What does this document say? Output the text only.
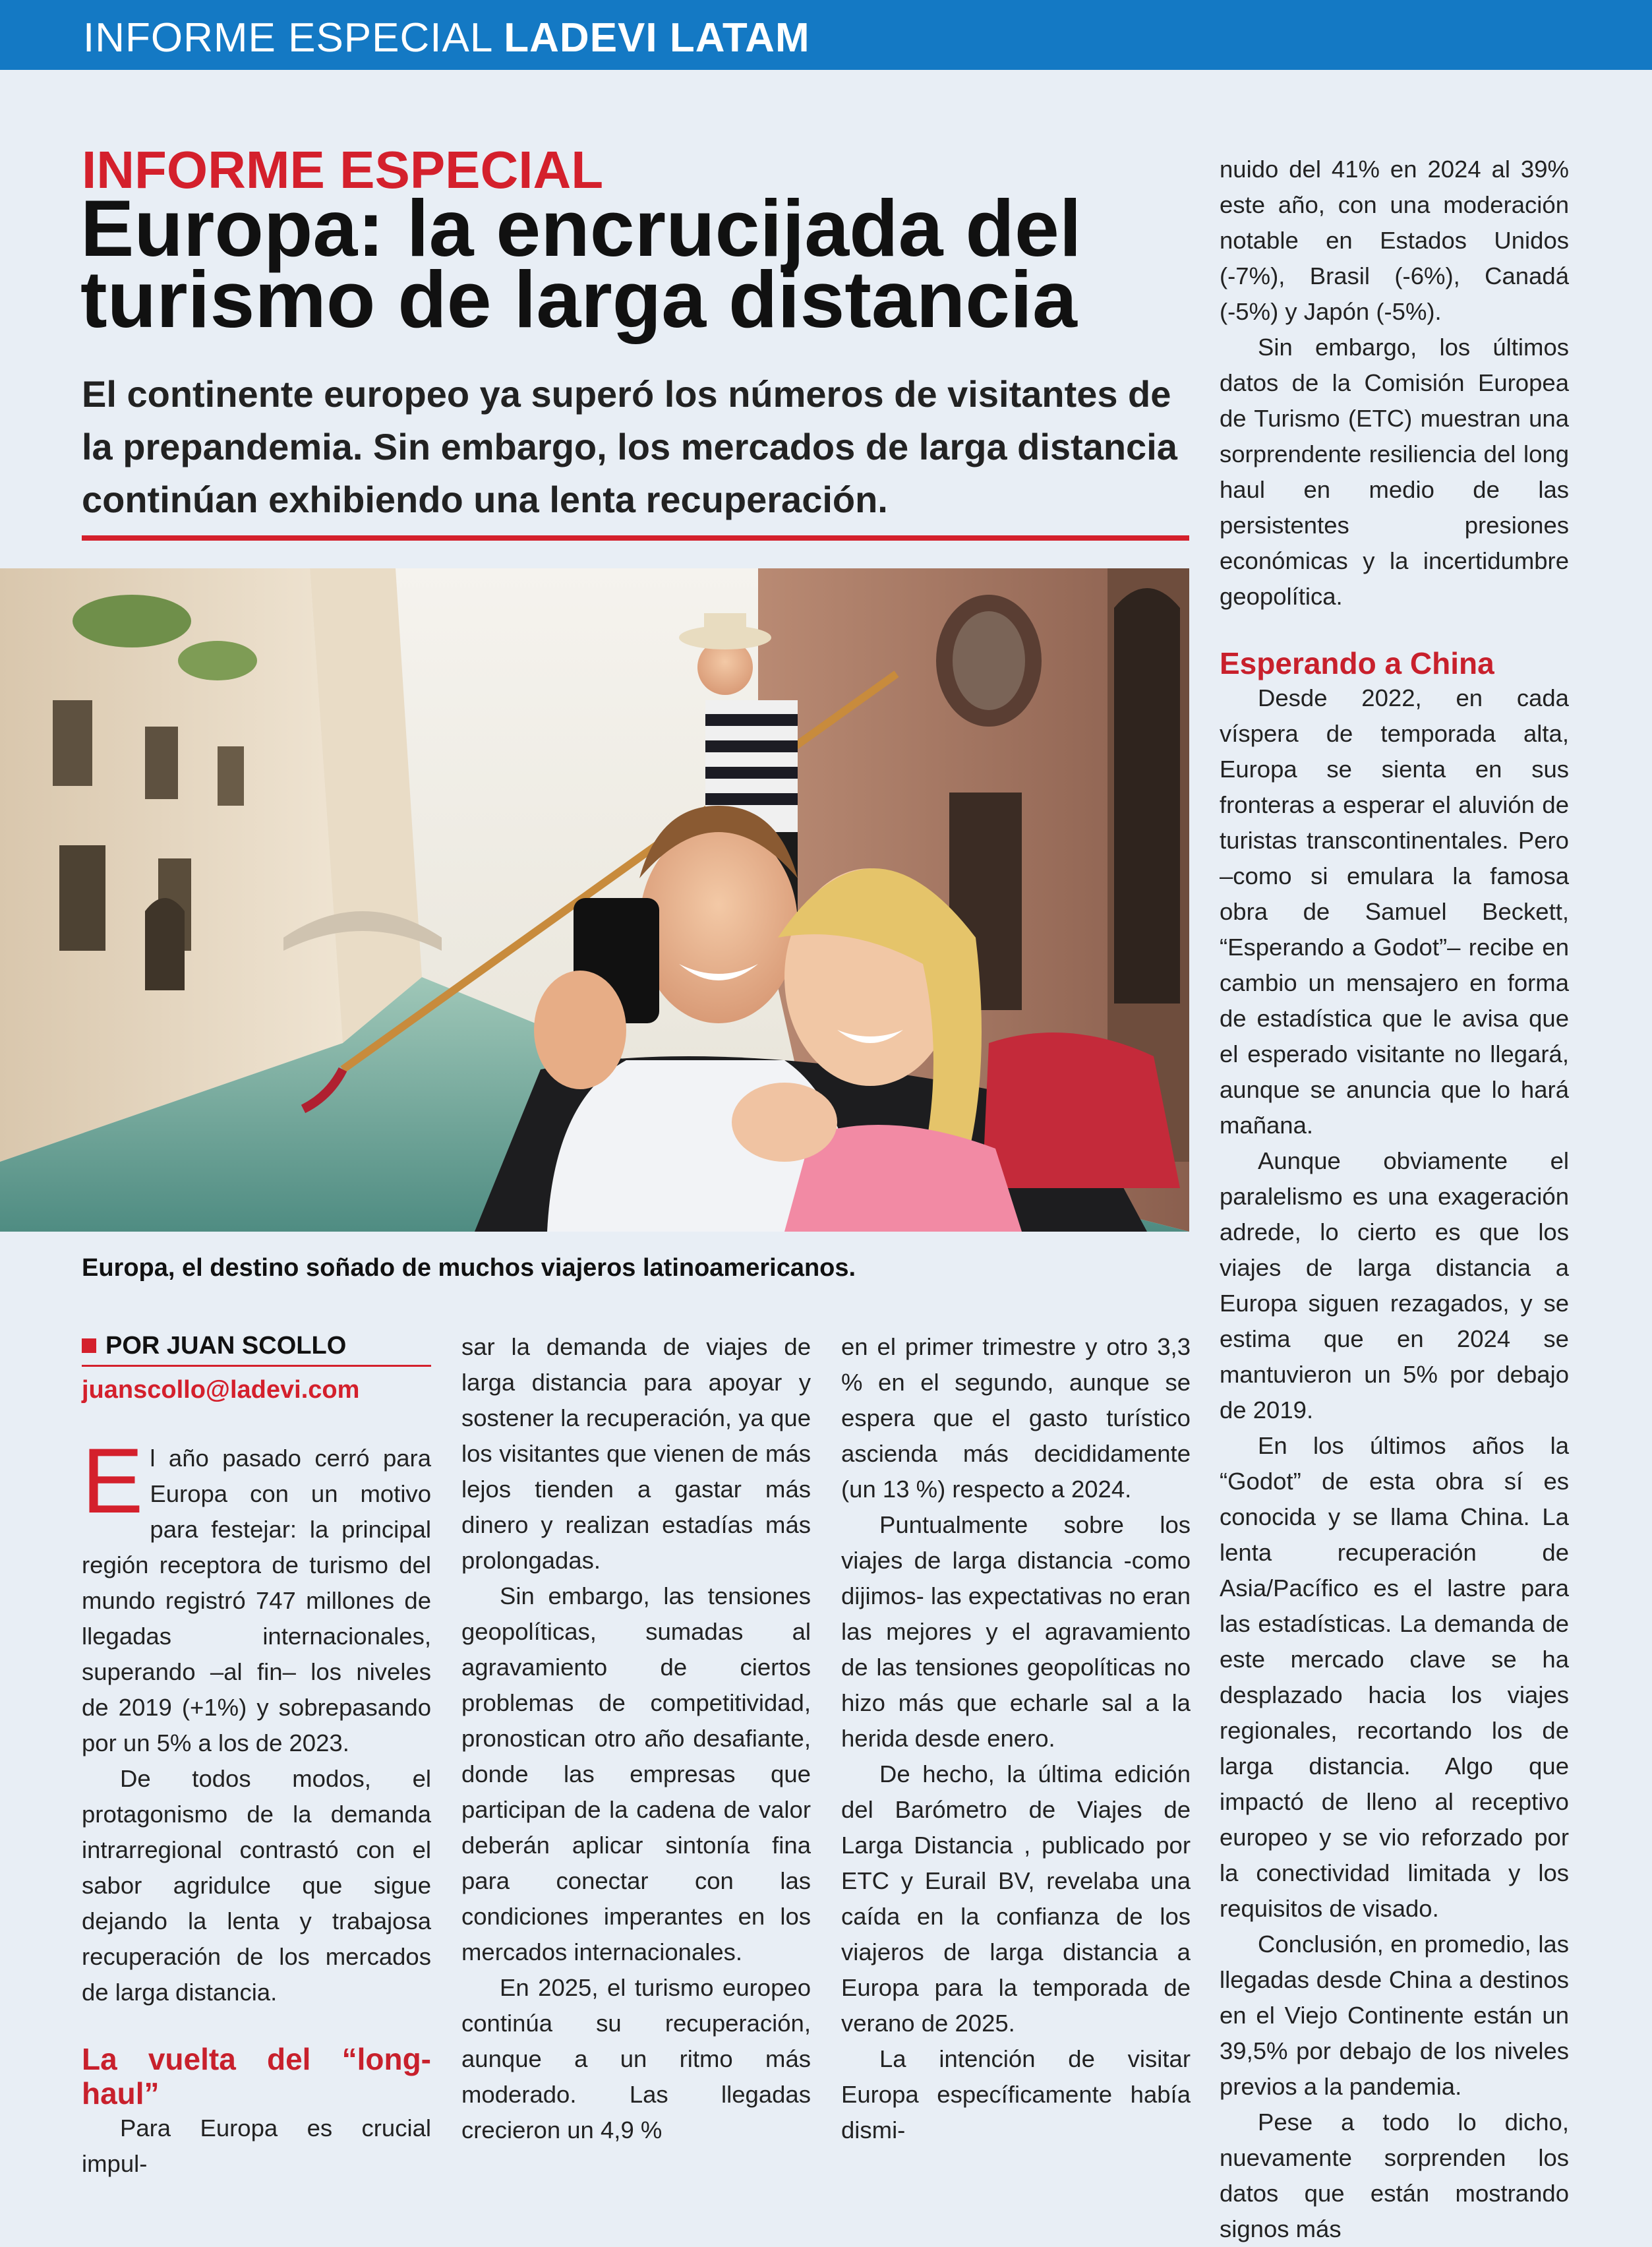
INFORME ESPECIAL LADEVI LATAM
INFORME ESPECIAL
Europa: la encrucijada del turismo de larga distancia
El continente europeo ya superó los números de visitantes de la prepandemia. Sin embargo, los mercados de larga distancia continúan exhibiendo una lenta recuperación.
Europa, el destino soñado de muchos viajeros latinoamericanos.
POR JUAN SCOLLO
juanscollo@ladevi.com

El año pasado cerró para Europa con un motivo para festejar: la principal región receptora de turismo del mundo registró 747 millones de llegadas internacionales, superando –al fin– los niveles de 2019 (+1%) y sobrepasando por un 5% a los de 2023.

De todos modos, el protagonismo de la demanda intrarregional contrastó con el sabor agridulce que sigue dejando la lenta y trabajosa recuperación de los mercados de larga distancia.

La vuelta del “long-haul”

Para Europa es crucial impul-

sar la demanda de viajes de larga distancia para apoyar y sostener la recuperación, ya que los visitantes que vienen de más lejos tienden a gastar más dinero y realizan estadías más prolongadas.

Sin embargo, las tensiones geopolíticas, sumadas al agravamiento de ciertos problemas de competitividad, pronostican otro año desafiante, donde las empresas que participan de la cadena de valor deberán aplicar sintonía fina para conectar con las condiciones imperantes en los mercados internacionales.

En 2025, el turismo europeo continúa su recuperación, aunque a un ritmo más moderado. Las llegadas crecieron un 4,9 %

en el primer trimestre y otro 3,3 % en el segundo, aunque se espera que el gasto turístico ascienda más decididamente (un 13 %) respecto a 2024.

Puntualmente sobre los viajes de larga distancia -como dijimos- las expectativas no eran las mejores y el agravamiento de las tensiones geopolíticas no hizo más que echarle sal a la herida desde enero.

De hecho, la última edición del Barómetro de Viajes de Larga Distancia , publicado por ETC y Eurail BV, revelaba una caída en la confianza de los viajeros de larga distancia a Europa para la temporada de verano de 2025.

La intención de visitar Europa específicamente había dismi-

nuido del 41% en 2024 al 39% este año, con una moderación notable en Estados Unidos (-7%), Brasil (-6%), Canadá (-5%) y Japón (-5%).

Sin embargo, los últimos datos de la Comisión Europea de Turismo (ETC) muestran una sorprendente resiliencia del long haul en medio de las persistentes presiones económicas y la incertidumbre geopolítica.

Esperando a China

Desde 2022, en cada víspera de temporada alta, Europa se sienta en sus fronteras a esperar el aluvión de turistas transcontinentales. Pero –como si emulara la famosa obra de Samuel Beckett, “Esperando a Godot”– recibe en cambio un mensajero en forma de estadística que le avisa que el esperado visitante no llegará, aunque se anuncia que lo hará mañana.

Aunque obviamente el paralelismo es una exageración adrede, lo cierto es que los viajes de larga distancia a Europa siguen rezagados, y se estima que en 2024 se mantuvieron un 5% por debajo de 2019.

En los últimos años la “Godot” de esta obra sí es conocida y se llama China. La lenta recuperación de Asia/Pacífico es el lastre para las estadísticas. La demanda de este mercado clave se ha desplazado hacia los viajes regionales, recortando los de larga distancia. Algo que impactó de lleno al receptivo europeo y se vio reforzado por la conectividad limitada y los requisitos de visado.

Conclusión, en promedio, las llegadas desde China a destinos en el Viejo Continente están un 39,5% por debajo de los niveles previos a la pandemia.

Pese a todo lo dicho, nuevamente sorprenden los datos que están mostrando signos más
